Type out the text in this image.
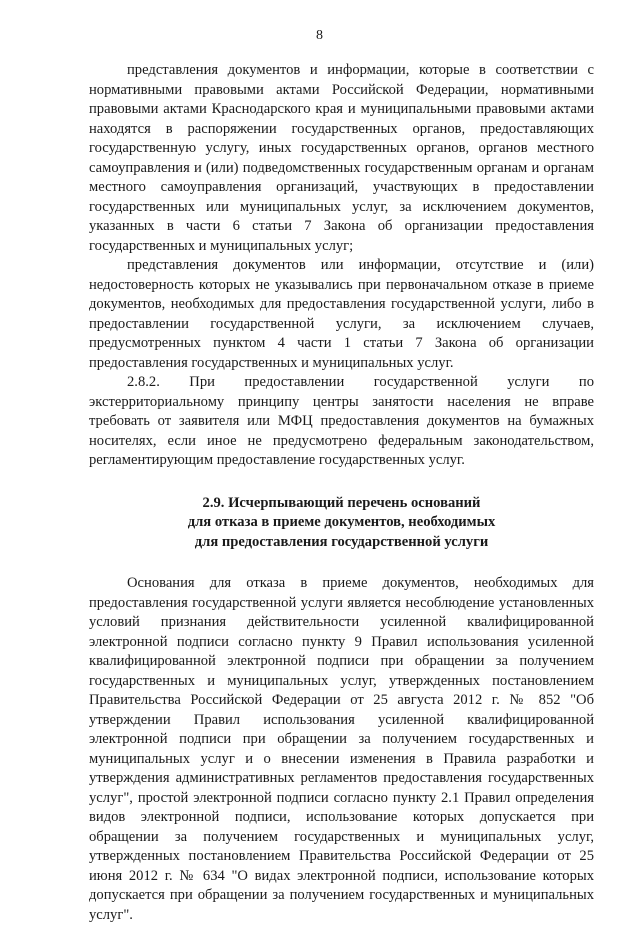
8

представления документов и информации, которые в соответствии с нормативными правовыми актами Российской Федерации, нормативными правовыми актами Краснодарского края и муниципальными правовыми актами находятся в распоряжении государственных органов, предоставляющих государственную услугу, иных государственных органов, органов местного самоуправления и (или) подведомственных государственным органам и органам местного самоуправления организаций, участвующих в предоставлении государственных или муниципальных услуг, за исключением документов, указанных в части 6 статьи 7 Закона об организации предоставления государственных и муниципальных услуг;

представления документов или информации, отсутствие и (или) недостоверность которых не указывались при первоначальном отказе в приеме документов, необходимых для предоставления государственной услуги, либо в предоставлении государственной услуги, за исключением случаев, предусмотренных пунктом 4 части 1 статьи 7 Закона об организации предоставления государственных и муниципальных услуг.

2.8.2. При предоставлении государственной услуги по экстерриториальному принципу центры занятости населения не вправе требовать от заявителя или МФЦ предоставления документов на бумажных носителях, если иное не предусмотрено федеральным законодательством, регламентирующим предоставление государственных услуг.

2.9. Исчерпывающий перечень оснований
для отказа в приеме документов, необходимых
для предоставления государственной услуги

Основания для отказа в приеме документов, необходимых для предоставления государственной услуги является несоблюдение установленных условий признания действительности усиленной квалифицированной электронной подписи согласно пункту 9 Правил использования усиленной квалифицированной электронной подписи при обращении за получением государственных и муниципальных услуг, утвержденных постановлением Правительства Российской Федерации от 25 августа 2012 г. № 852 "Об утверждении Правил использования усиленной квалифицированной электронной подписи при обращении за получением государственных и муниципальных услуг и о внесении изменения в Правила разработки и утверждения административных регламентов предоставления государственных услуг", простой электронной подписи согласно пункту 2.1 Правил определения видов электронной подписи, использование которых допускается при обращении за получением государственных и муниципальных услуг, утвержденных постановлением Правительства Российской Федерации от 25 июня 2012 г. № 634 "О видах электронной подписи, использование которых допускается при обращении за получением государственных и муниципальных услуг".
